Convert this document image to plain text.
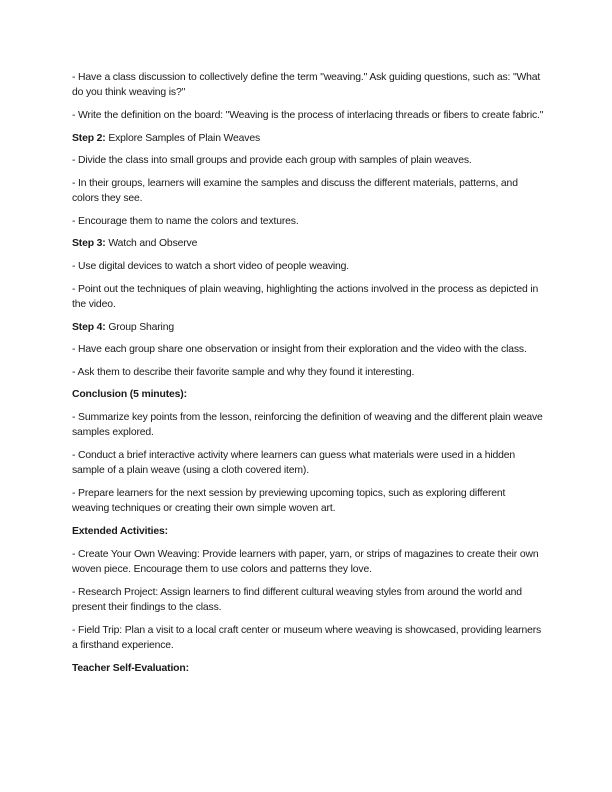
- Have a class discussion to collectively define the term "weaving." Ask guiding questions, such as: "What do you think weaving is?"

- Write the definition on the board: "Weaving is the process of interlacing threads or fibers to create fabric."

Step 2: Explore Samples of Plain Weaves

- Divide the class into small groups and provide each group with samples of plain weaves.

- In their groups, learners will examine the samples and discuss the different materials, patterns, and colors they see.

- Encourage them to name the colors and textures.

Step 3: Watch and Observe

- Use digital devices to watch a short video of people weaving.

- Point out the techniques of plain weaving, highlighting the actions involved in the process as depicted in the video.

Step 4: Group Sharing

- Have each group share one observation or insight from their exploration and the video with the class.

- Ask them to describe their favorite sample and why they found it interesting.

Conclusion (5 minutes):

- Summarize key points from the lesson, reinforcing the definition of weaving and the different plain weave samples explored.

- Conduct a brief interactive activity where learners can guess what materials were used in a hidden sample of a plain weave (using a cloth covered item).

- Prepare learners for the next session by previewing upcoming topics, such as exploring different weaving techniques or creating their own simple woven art.

Extended Activities:

- Create Your Own Weaving: Provide learners with paper, yarn, or strips of magazines to create their own woven piece. Encourage them to use colors and patterns they love.

- Research Project: Assign learners to find different cultural weaving styles from around the world and present their findings to the class.

- Field Trip: Plan a visit to a local craft center or museum where weaving is showcased, providing learners a firsthand experience.

Teacher Self-Evaluation:
